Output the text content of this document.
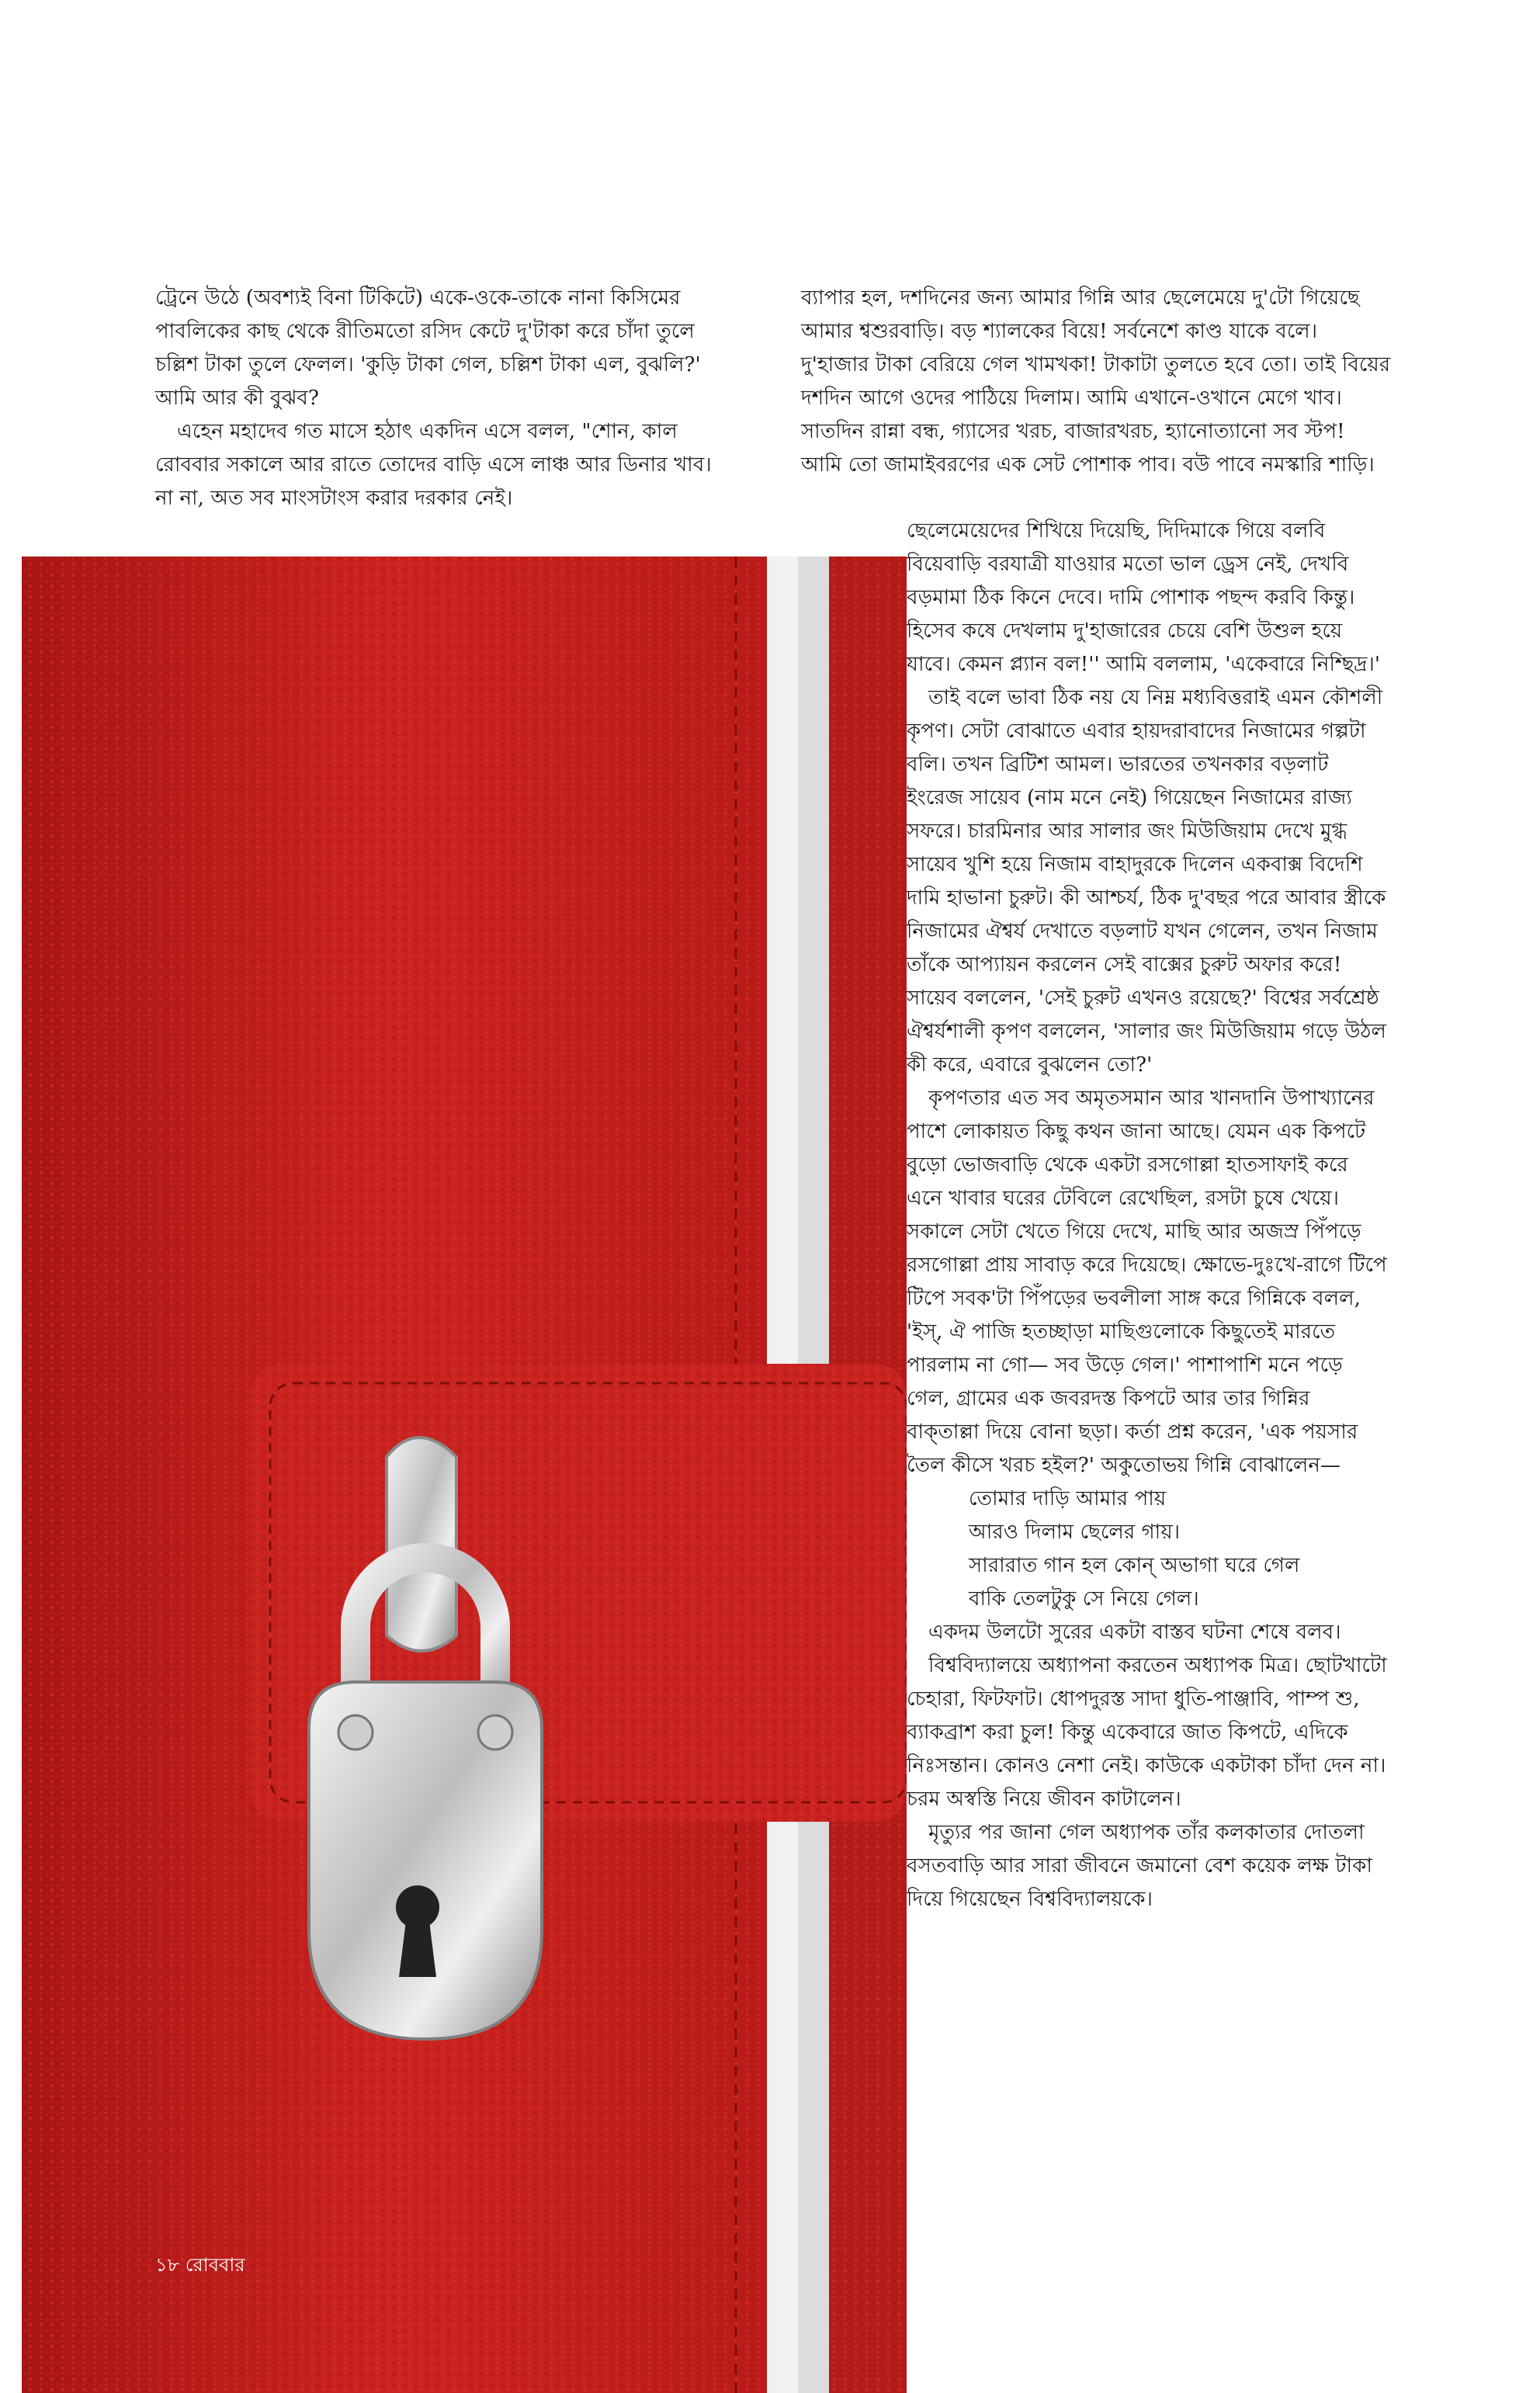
ট্রেনে উঠে (অবশ্যই বিনা টিকিটে) একে-ওকে-তাকে নানা কিসিমের পাবলিকের কাছ থেকে রীতিমতো রসিদ কেটে দু'টাকা করে চাঁদা তুলে চল্লিশ টাকা তুলে ফেলল। 'কুড়ি টাকা গেল, চল্লিশ টাকা এল, বুঝলি?' আমি আর কী বুঝব?

এহেন মহাদেব গত মাসে হঠাৎ একদিন এসে বলল, "শোন, কাল রোববার সকালে আর রাতে তোদের বাড়ি এসে লাঞ্চ আর ডিনার খাব। না না, অত সব মাংসটাংস করার দরকার নেই।

ব্যাপার হল, দশদিনের জন্য আমার গিন্নি আর ছেলেমেয়ে দু'টো গিয়েছে আমার শ্বশুরবাড়ি। বড় শ্যালকের বিয়ে! সর্বনেশে কাণ্ড যাকে বলে। দু'হাজার টাকা বেরিয়ে গেল খামখকা! টাকাটা তুলতে হবে তো। তাই বিয়ের দশদিন আগে ওদের পাঠিয়ে দিলাম। আমি এখানে-ওখানে মেগে খাব। সাতদিন রান্না বন্ধ, গ্যাসের খরচ, বাজারখরচ, হ্যানোত্যানো সব স্টপ! আমি তো জামাইবরণের এক সেট পোশাক পাব। বউ পাবে নমস্কারি শাড়ি।

ছেলেমেয়েদের শিখিয়ে দিয়েছি, দিদিমাকে গিয়ে বলবি বিয়েবাড়ি বরযাত্রী যাওয়ার মতো ভাল ড্রেস নেই, দেখবি বড়মামা ঠিক কিনে দেবে। দামি পোশাক পছন্দ করবি কিন্তু। হিসেব কষে দেখলাম দু'হাজারের চেয়ে বেশি উশুল হয়ে যাবে। কেমন প্ল্যান বল!'' আমি বললাম, 'একেবারে নিশ্ছিদ্র।'

তাই বলে ভাবা ঠিক নয় যে নিম্ন মধ্যবিত্তরাই এমন কৌশলী কৃপণ। সেটা বোঝাতে এবার হায়দরাবাদের নিজামের গল্পটা বলি। তখন ব্রিটিশ আমল। ভারতের তখনকার বড়লাট ইংরেজ সায়েব (নাম মনে নেই) গিয়েছেন নিজামের রাজ্য সফরে। চারমিনার আর সালার জং মিউজিয়াম দেখে মুগ্ধ সায়েব খুশি হয়ে নিজাম বাহাদুরকে দিলেন একবাক্স বিদেশি দামি হাভানা চুরুট। কী আশ্চর্য, ঠিক দু'বছর পরে আবার স্ত্রীকে নিজামের ঐশ্বর্য দেখাতে বড়লাট যখন গেলেন, তখন নিজাম তাঁকে আপ্যায়ন করলেন সেই বাক্সের চুরুট অফার করে! সায়েব বললেন, 'সেই চুরুট এখনও রয়েছে?' বিশ্বের সর্বশ্রেষ্ঠ ঐশ্বর্যশালী কৃপণ বললেন, 'সালার জং মিউজিয়াম গড়ে উঠল কী করে, এবারে বুঝলেন তো?'

কৃপণতার এত সব অমৃতসমান আর খানদানি উপাখ্যানের পাশে লোকায়ত কিছু কথন জানা আছে। যেমন এক কিপটে বুড়ো ভোজবাড়ি থেকে একটা রসগোল্লা হাতসাফাই করে এনে খাবার ঘরের টেবিলে রেখেছিল, রসটা চুষে খেয়ে। সকালে সেটা খেতে গিয়ে দেখে, মাছি আর অজস্র পিঁপড়ে রসগোল্লা প্রায় সাবাড় করে দিয়েছে। ক্ষোভে-দুঃখে-রাগে টিপে টিপে সবক'টা পিঁপড়ের ভবলীলা সাঙ্গ করে গিন্নিকে বলল, 'ইস্, ঐ পাজি হতচ্ছাড়া মাছিগুলোকে কিছুতেই মারতে পারলাম না গো— সব উড়ে গেল।' পাশাপাশি মনে পড়ে গেল, গ্রামের এক জবরদস্ত কিপটে আর তার গিন্নির বাক্‌তাল্লা দিয়ে বোনা ছড়া। কর্তা প্রশ্ন করেন, 'এক পয়সার তৈল কীসে খরচ হইল?' অকুতোভয় গিন্নি বোঝালেন—

তোমার দাড়ি আমার পায়
আরও দিলাম ছেলের গায়।
সারারাত গান হল কোন্ অভাগা ঘরে গেল
বাকি তেলটুকু সে নিয়ে গেল।

একদম উলটো সুরের একটা বাস্তব ঘটনা শেষে বলব।

বিশ্ববিদ্যালয়ে অধ্যাপনা করতেন অধ্যাপক মিত্র। ছোটখাটো চেহারা, ফিটফাট। ধোপদুরস্ত সাদা ধুতি-পাঞ্জাবি, পাম্প শু, ব্যাকব্রাশ করা চুল! কিন্তু একেবারে জাত কিপটে, এদিকে নিঃসন্তান। কোনও নেশা নেই। কাউকে একটাকা চাঁদা দেন না। চরম অস্বস্তি নিয়ে জীবন কাটালেন।

মৃত্যুর পর জানা গেল অধ্যাপক তাঁর কলকাতার দোতলা বসতবাড়ি আর সারা জীবনে জমানো বেশ কয়েক লক্ষ টাকা দিয়ে গিয়েছেন বিশ্ববিদ্যালয়কে।

১৮ রোববার
